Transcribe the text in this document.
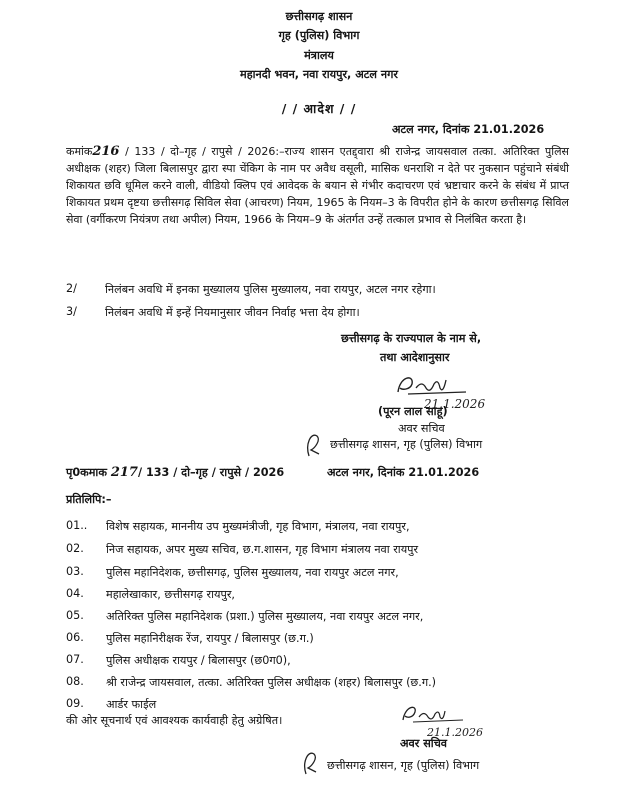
छत्तीसगढ़ शासन
गृह (पुलिस) विभाग
मंत्रालय
महानदी भवन, नवा रायपुर, अटल नगर
/ / आदेश / /
अटल नगर, दिनांक 21.01.2026
कमांक216 / 133 / दो–गृह / रापुसे / 2026:–राज्य शासन एतद्द्वारा श्री राजेन्द्र जायसवाल तत्का. अतिरिक्त पुलिस अधीक्षक (शहर) जिला बिलासपुर द्वारा स्पा चेंकिग के नाम पर अवैध वसूली, मासिक धनराशि न देते पर नुकसान पहुंचाने संबंधी शिकायत छवि धूमिल करने वाली, वीडियो क्लिप एवं आवेदक के बयान से गंभीर कदाचरण एवं भ्रष्टाचार करने के संबंध में प्राप्त शिकायत प्रथम दृष्टया छत्तीसगढ़ सिविल सेवा (आचरण) नियम, 1965 के नियम–3 के विपरीत होने के कारण छत्तीसगढ़ सिविल सेवा (वर्गीकरण नियंत्रण तथा अपील) नियम, 1966 के नियम–9 के अंतर्गत उन्हें तत्काल प्रभाव से निलंबित करता है।
2/	निलंबन अवधि में इनका मुख्यालय पुलिस मुख्यालय, नवा रायपुर, अटल नगर रहेगा।
3/	निलंबन अवधि में इन्हें नियमानुसार जीवन निर्वाह भत्ता देय होगा।
छत्तीसगढ़ के राज्यपाल के नाम से,
तथा आदेशानुसार
21.1.2026
(पूरन लाल साहू)
अवर सचिव
छत्तीसगढ़ शासन, गृह (पुलिस) विभाग
पृ0कमाक 217/ 133 / दो–गृह / रापुसे / 2026	अटल नगर, दिनांक 21.01.2026
प्रतिलिपि:–
01.. विशेष सहायक, माननीय उप मुख्यमंत्रीजी, गृह विभाग, मंत्रालय, नवा रायपुर,
02. निज सहायक, अपर मुख्य सचिव, छ.ग.शासन, गृह विभाग मंत्रालय नवा रायपुर
03. पुलिस महानिदेशक, छत्तीसगढ़, पुलिस मुख्यालय, नवा रायपुर अटल नगर,
04. महालेखाकार, छत्तीसगढ़ रायपुर,
05. अतिरिक्त पुलिस महानिदेशक (प्रशा.) पुलिस मुख्यालय, नवा रायपुर अटल नगर,
06. पुलिस महानिरीक्षक रेंज, रायपुर / बिलासपुर (छ.ग.)
07. पुलिस अधीक्षक रायपुर / बिलासपुर (छ0ग0),
08. श्री राजेन्द्र जायसवाल, तत्का. अतिरिक्त पुलिस अधीक्षक (शहर) बिलासपुर (छ.ग.)
09. आर्डर फाईल
की ओर सूचनार्थ एवं आवश्यक कार्यवाही हेतु अग्रेषित।
21.1.2026
अवर सचिव
छत्तीसगढ़ शासन, गृह (पुलिस) विभाग
